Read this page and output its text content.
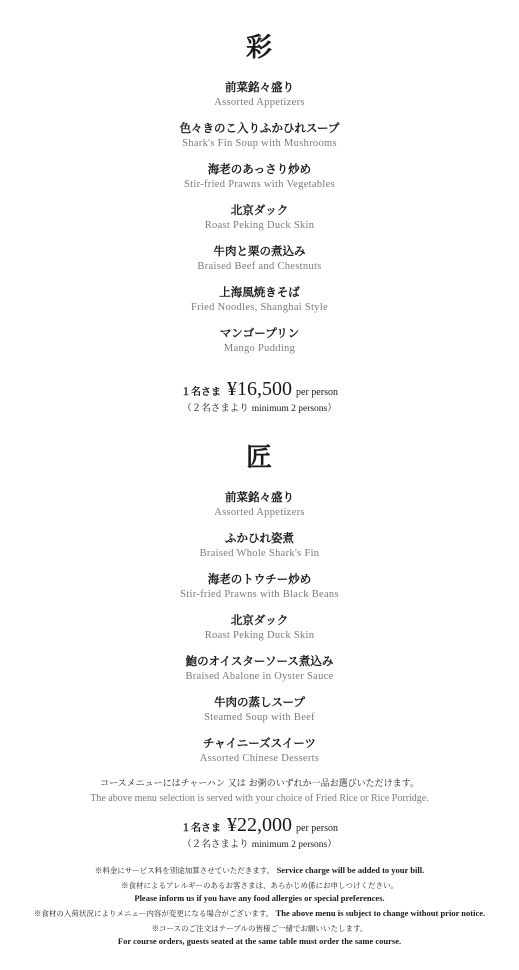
彩
前菜銘々盛り
Assorted Appetizers
色々きのこ入りふかひれスープ
Shark's Fin Soup with Mushrooms
海老のあっさり炒め
Stir-fried Prawns with Vegetables
北京ダック
Roast Peking Duck Skin
牛肉と栗の煮込み
Braised Beef and Chestnuts
上海風焼きそば
Fried Noodles, Shanghai Style
マンゴープリン
Mango Pudding
１名さま ¥16,500 per person
（２名さまより minimum 2 persons）
匠
前菜銘々盛り
Assorted Appetizers
ふかひれ姿煮
Braised Whole Shark's Fin
海老のトウチー炒め
Stir-fried Prawns with Black Beans
北京ダック
Roast Peking Duck Skin
鮑のオイスターソース煮込み
Braised Abalone in Oyster Sauce
牛肉の蒸しスープ
Steamed Soup with Beef
チャイニーズスイーツ
Assorted Chinese Desserts
コースメニューにはチャーハン 又は お粥のいずれか一品お選びいただけます。
The above menu selection is served with your choice of Fried Rice or Rice Porridge.
１名さま ¥22,000 per person
（２名さまより minimum 2 persons）
※料金にサービス料を別途加算させていただきます。 Service charge will be added to your bill.
※食材によるアレルギーのあるお客さまは、あらかじめ係にお申しつけください。
Please inform us if you have any food allergies or special preferences.
※食材の入荷状況によりメニュー内容が変更になる場合がございます。 The above menu is subject to change without prior notice.
※コースのご注文はテーブルの皆様ご一緒でお願いいたします。
For course orders, guests seated at the same table must order the same course.
